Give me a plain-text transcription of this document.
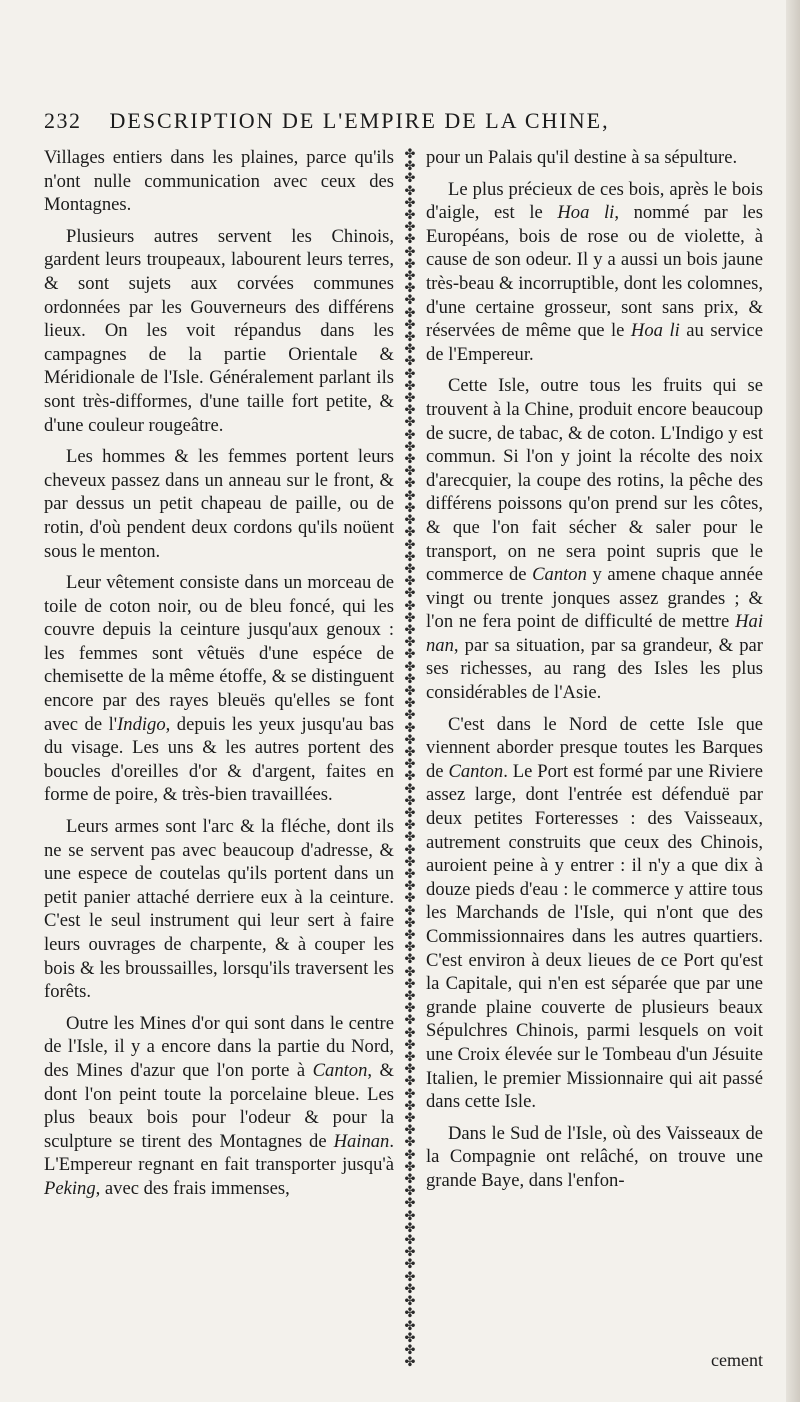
232 DESCRIPTION DE L'EMPIRE DE LA CHINE,

Villages entiers dans les plaines, parce qu'ils n'ont nulle communication avec ceux des Montagnes.

Plusieurs autres servent les Chinois, gardent leurs troupeaux, labourent leurs terres, & sont sujets aux corvées communes ordonnées par les Gouverneurs des différens lieux. On les voit répandus dans les campagnes de la partie Orientale & Méridionale de l'Isle. Généralement parlant ils sont très-difformes, d'une taille fort petite, & d'une couleur rougeâtre.

Les hommes & les femmes portent leurs cheveux passez dans un anneau sur le front, & par dessus un petit chapeau de paille, ou de rotin, d'où pendent deux cordons qu'ils noüent sous le menton.

Leur vêtement consiste dans un morceau de toile de coton noir, ou de bleu foncé, qui les couvre depuis la ceinture jusqu'aux genoux : les femmes sont vêtuës d'une espéce de chemisette de la même étoffe, & se distinguent encore par des rayes bleuës qu'elles se font avec de l'Indigo, depuis les yeux jusqu'au bas du visage. Les uns & les autres portent des boucles d'oreilles d'or & d'argent, faites en forme de poire, & très-bien travaillées.

Leurs armes sont l'arc & la fléche, dont ils ne se servent pas avec beaucoup d'adresse, & une espece de coutelas qu'ils portent dans un petit panier attaché derriere eux à la ceinture. C'est le seul instrument qui leur sert à faire leurs ouvrages de charpente, & à couper les bois & les broussailles, lorsqu'ils traversent les forêts.

Outre les Mines d'or qui sont dans le centre de l'Isle, il y a encore dans la partie du Nord, des Mines d'azur que l'on porte à Canton, & dont l'on peint toute la porcelaine bleue. Les plus beaux bois pour l'odeur & pour la sculpture se tirent des Montagnes de Hainan. L'Empereur regnant en fait transporter jusqu'à Peking, avec des frais immenses,

✤✤✤✤✤✤✤✤✤✤✤✤✤✤✤✤✤✤✤✤✤✤✤✤✤✤✤✤✤✤✤✤✤✤✤✤✤✤✤✤✤✤✤✤✤✤✤✤✤✤✤✤✤✤✤✤✤✤✤✤✤✤✤✤✤✤✤✤✤✤✤✤✤✤✤✤✤✤✤✤✤✤✤✤✤✤✤✤✤✤✤✤✤✤✤✤✤✤✤✤

pour un Palais qu'il destine à sa sépulture.

Le plus précieux de ces bois, après le bois d'aigle, est le Hoa li, nommé par les Européans, bois de rose ou de violette, à cause de son odeur. Il y a aussi un bois jaune très-beau & incorruptible, dont les colomnes, d'une certaine grosseur, sont sans prix, & réservées de même que le Hoa li au service de l'Empereur.

Cette Isle, outre tous les fruits qui se trouvent à la Chine, produit encore beaucoup de sucre, de tabac, & de coton. L'Indigo y est commun. Si l'on y joint la récolte des noix d'arecquier, la coupe des rotins, la pêche des différens poissons qu'on prend sur les côtes, & que l'on fait sécher & saler pour le transport, on ne sera point supris que le commerce de Canton y amene chaque année vingt ou trente jonques assez grandes ; & l'on ne fera point de difficulté de mettre Hai nan, par sa situation, par sa grandeur, & par ses richesses, au rang des Isles les plus considérables de l'Asie.

C'est dans le Nord de cette Isle que viennent aborder presque toutes les Barques de Canton. Le Port est formé par une Riviere assez large, dont l'entrée est défenduë par deux petites Forteresses : des Vaisseaux, autrement construits que ceux des Chinois, auroient peine à y entrer : il n'y a que dix à douze pieds d'eau : le commerce y attire tous les Marchands de l'Isle, qui n'ont que des Commissionnaires dans les autres quartiers. C'est environ à deux lieues de ce Port qu'est la Capitale, qui n'en est séparée que par une grande plaine couverte de plusieurs beaux Sépulchres Chinois, parmi lesquels on voit une Croix élevée sur le Tombeau d'un Jésuite Italien, le premier Missionnaire qui ait passé dans cette Isle.

Dans le Sud de l'Isle, où des Vaisseaux de la Compagnie ont relâché, on trouve une grande Baye, dans l'enfon-

cement
